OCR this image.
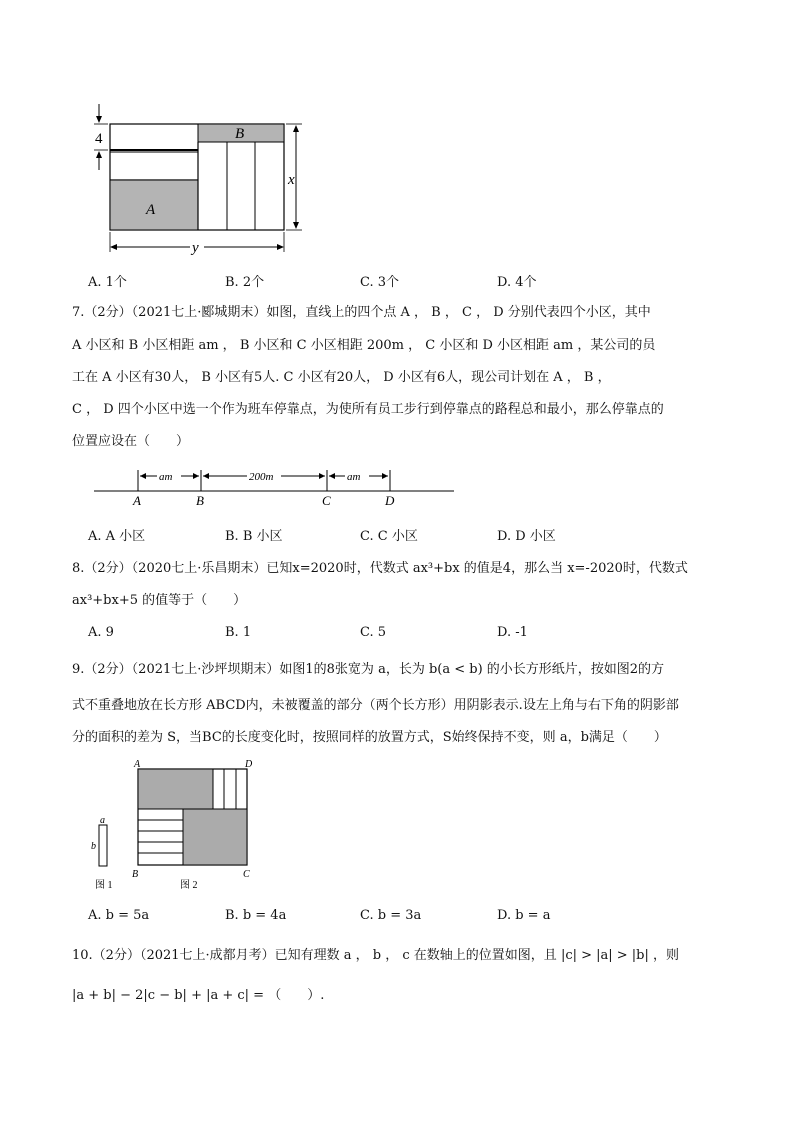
4
x
y
B
A
A. 1个	B. 2个	C. 3个	D. 4个
7.（2分）（2021七上·郾城期末）如图，直线上的四个点 A ， B ， C ， D 分别代表四个小区，其中
A 小区和 B 小区相距 am ， B 小区和 C 小区相距 200m ， C 小区和 D 小区相距 am ，某公司的员
工在 A 小区有30人， B 小区有5人. C 小区有20人， D 小区有6人，现公司计划在 A ， B ，
C ， D 四个小区中选一个作为班车停靠点，为使所有员工步行到停靠点的路程总和最小，那么停靠点的
位置应设在（　　）
am	200m	am
A	B	C	D
A. A 小区	B. B 小区	C. C 小区	D. D 小区
8.（2分）（2020七上·乐昌期末）已知x=2020时，代数式 ax³+bx 的值是4，那么当 x=-2020时，代数式
ax³+bx+5 的值等于（　　）
A. 9	B. 1	C. 5	D. -1
9.（2分）（2021七上·沙坪坝期末）如图1的8张宽为 a，长为 b(a < b) 的小长方形纸片，按如图2的方
式不重叠地放在长方形 ABCD内，未被覆盖的部分（两个长方形）用阴影表示.设左上角与右下角的阴影部
分的面积的差为 S，当BC的长度变化时，按照同样的放置方式，S始终保持不变，则 a，b满足（　　）
a
b
图 1
A	D
B	C
图 2
A. b = 5a	B. b = 4a	C. b = 3a	D. b = a
10.（2分）（2021七上·成都月考）已知有理数 a ， b ， c 在数轴上的位置如图，且 |c| > |a| > |b| ，则
|a + b| − 2|c − b| + |a + c| = （　　）.
